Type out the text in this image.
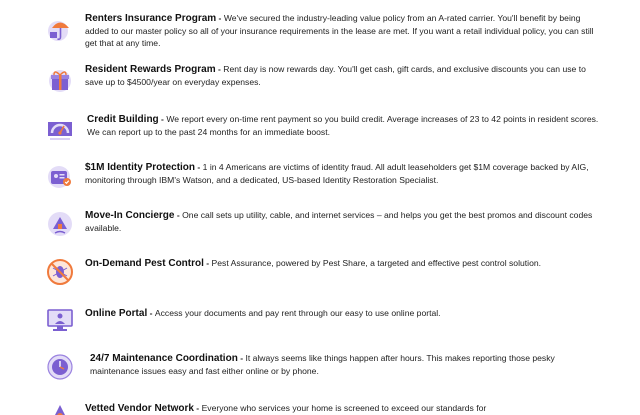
Renters Insurance Program - We've secured the industry-leading value policy from an A-rated carrier. You'll benefit by being added to our master policy so all of your insurance requirements in the lease are met. If you want a retail individual policy, you can still get that at any time.
Resident Rewards Program - Rent day is now rewards day. You'll get cash, gift cards, and exclusive discounts you can use to save up to $4500/year on everyday expenses.
Credit Building - We report every on-time rent payment so you build credit. Average increases of 23 to 42 points in resident scores. We can report up to the past 24 months for an immediate boost.
$1M Identity Protection - 1 in 4 Americans are victims of identity fraud. All adult leaseholders get $1M coverage backed by AIG, monitoring through IBM's Watson, and a dedicated, US-based Identity Restoration Specialist.
Move-In Concierge - One call sets up utility, cable, and internet services – and helps you get the best promos and discount codes available.
On-Demand Pest Control - Pest Assurance, powered by Pest Share, a targeted and effective pest control solution.
Online Portal - Access your documents and pay rent through our easy to use online portal.
24/7 Maintenance Coordination - It always seems like things happen after hours. This makes reporting those pesky maintenance issues easy and fast either online or by phone.
Vetted Vendor Network - Everyone who services your home is screened to exceed our standards for
